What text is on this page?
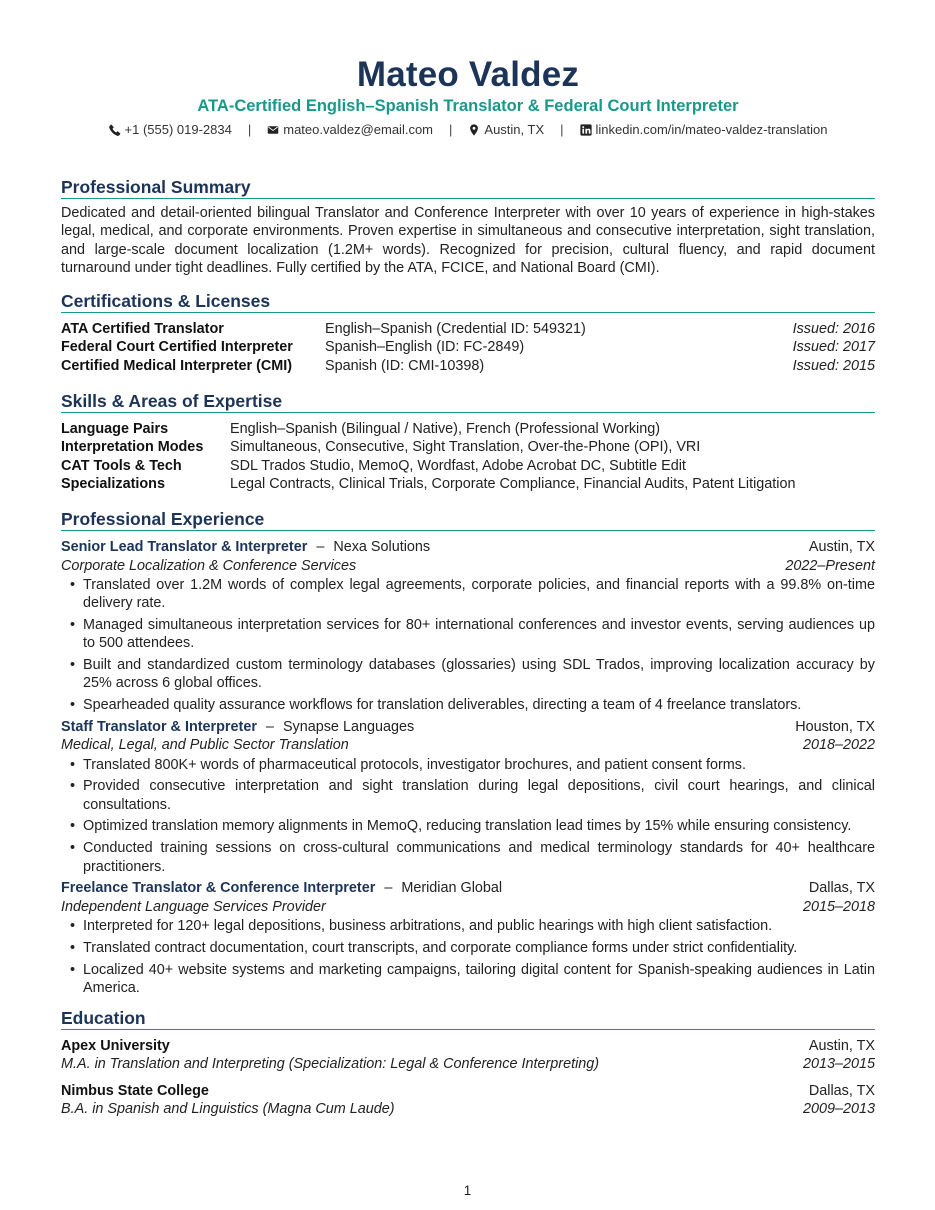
Mateo Valdez
ATA-Certified English–Spanish Translator & Federal Court Interpreter
+1 (555) 019-2834 | mateo.valdez@email.com | Austin, TX | linkedin.com/in/mateo-valdez-translation
Professional Summary
Dedicated and detail-oriented bilingual Translator and Conference Interpreter with over 10 years of experience in high-stakes legal, medical, and corporate environments. Proven expertise in simultaneous and consecutive interpretation, sight translation, and large-scale document localization (1.2M+ words). Recognized for precision, cultural fluency, and rapid document turnaround under tight deadlines. Fully certified by the ATA, FCICE, and National Board (CMI).
Certifications & Licenses
ATA Certified Translator	English–Spanish (Credential ID: 549321)	Issued: 2016
Federal Court Certified Interpreter	Spanish–English (ID: FC-2849)	Issued: 2017
Certified Medical Interpreter (CMI)	Spanish (ID: CMI-10398)	Issued: 2015
Skills & Areas of Expertise
Language Pairs	English–Spanish (Bilingual / Native), French (Professional Working)
Interpretation Modes	Simultaneous, Consecutive, Sight Translation, Over-the-Phone (OPI), VRI
CAT Tools & Tech	SDL Trados Studio, MemoQ, Wordfast, Adobe Acrobat DC, Subtitle Edit
Specializations	Legal Contracts, Clinical Trials, Corporate Compliance, Financial Audits, Patent Litigation
Professional Experience
Senior Lead Translator & Interpreter – Nexa Solutions	Austin, TX
Corporate Localization & Conference Services	2022–Present
• Translated over 1.2M words of complex legal agreements, corporate policies, and financial reports with a 99.8% on-time delivery rate.
• Managed simultaneous interpretation services for 80+ international conferences and investor events, serving audiences up to 500 attendees.
• Built and standardized custom terminology databases (glossaries) using SDL Trados, improving localization accuracy by 25% across 6 global offices.
• Spearheaded quality assurance workflows for translation deliverables, directing a team of 4 freelance translators.
Staff Translator & Interpreter – Synapse Languages	Houston, TX
Medical, Legal, and Public Sector Translation	2018–2022
• Translated 800K+ words of pharmaceutical protocols, investigator brochures, and patient consent forms.
• Provided consecutive interpretation and sight translation during legal depositions, civil court hearings, and clinical consultations.
• Optimized translation memory alignments in MemoQ, reducing translation lead times by 15% while ensuring consistency.
• Conducted training sessions on cross-cultural communications and medical terminology standards for 40+ healthcare practitioners.
Freelance Translator & Conference Interpreter – Meridian Global	Dallas, TX
Independent Language Services Provider	2015–2018
• Interpreted for 120+ legal depositions, business arbitrations, and public hearings with high client satisfaction.
• Translated contract documentation, court transcripts, and corporate compliance forms under strict confidentiality.
• Localized 40+ website systems and marketing campaigns, tailoring digital content for Spanish-speaking audiences in Latin America.
Education
Apex University	Austin, TX
M.A. in Translation and Interpreting (Specialization: Legal & Conference Interpreting)	2013–2015
Nimbus State College	Dallas, TX
B.A. in Spanish and Linguistics (Magna Cum Laude)	2009–2013
1
